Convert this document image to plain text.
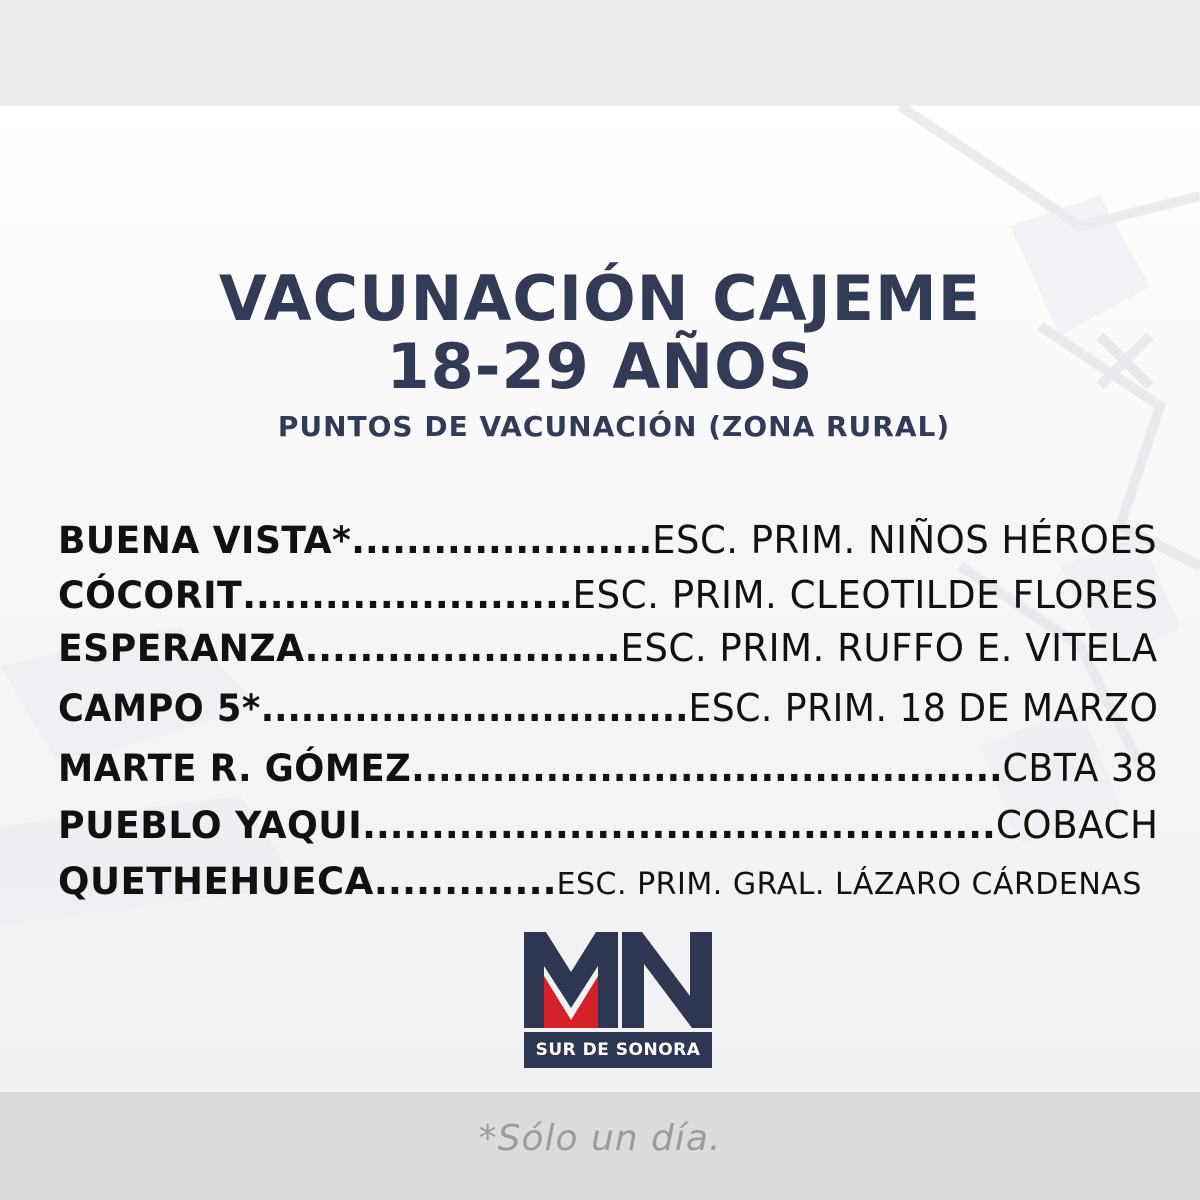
VACUNACIÓN CAJEME
18-29 AÑOS
PUNTOS DE VACUNACIÓN (ZONA RURAL)
BUENA VISTA*......................ESC. PRIM. NIÑOS HÉROES
CÓCORIT........................ESC. PRIM. CLEOTILDE FLORES
ESPERANZA.......................ESC. PRIM. RUFFO E. VITELA
CAMPO 5*................................ESC. PRIM. 18 DE MARZO
MARTE R. GÓMEZ............................................CBTA 38
PUEBLO YAQUI..............................................COBACH
QUETHEHUECA.............ESC. PRIM. GRAL. LÁZARO CÁRDENAS
SUR DE SONORA
*Sólo un día.
